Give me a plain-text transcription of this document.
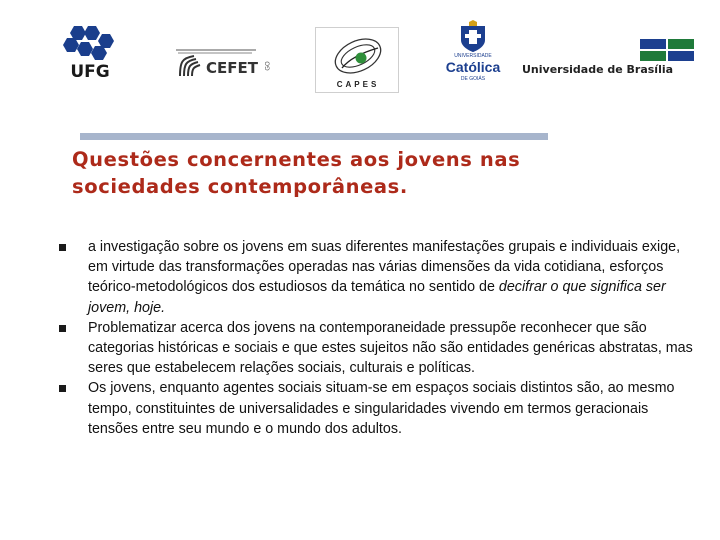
UFG	CEFET GO
CAPES
UNIVERSIDADE
Católica
DE GOIÁS
Universidade de Brasília
Questões concernentes aos jovens nas
sociedades contemporâneas.
a investigação sobre os jovens em suas diferentes manifestações grupais e individuais exige, em virtude das transformações operadas nas várias dimensões da vida cotidiana, esforços teórico-metodológicos dos estudiosos da temática no sentido de decifrar o que significa ser jovem, hoje.
Problematizar acerca dos jovens na contemporaneidade pressupõe reconhecer que são categorias históricas e sociais e que estes sujeitos não são entidades genéricas abstratas, mas seres que estabelecem relações sociais, culturais e políticas.
Os jovens, enquanto agentes sociais situam-se em espaços sociais distintos são, ao mesmo tempo, constituintes de universalidades e singularidades vivendo em termos geracionais tensões entre seu mundo e o mundo dos adultos.
